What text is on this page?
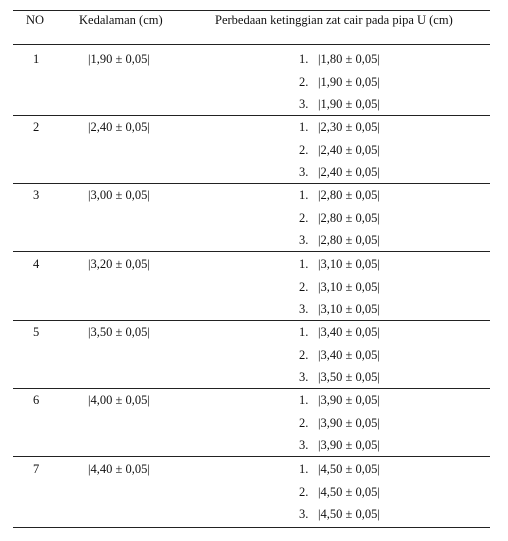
NO	Kedalaman (cm)	Perbedaan ketinggian zat cair pada pipa U (cm)
1	|1,90 ± 0,05|	1. |1,80 ± 0,05|
2. |1,90 ± 0,05|
3. |1,90 ± 0,05|
2	|2,40 ± 0,05|	1. |2,30 ± 0,05|
2. |2,40 ± 0,05|
3. |2,40 ± 0,05|
3	|3,00 ± 0,05|	1. |2,80 ± 0,05|
2. |2,80 ± 0,05|
3. |2,80 ± 0,05|
4	|3,20 ± 0,05|	1. |3,10 ± 0,05|
2. |3,10 ± 0,05|
3. |3,10 ± 0,05|
5	|3,50 ± 0,05|	1. |3,40 ± 0,05|
2. |3,40 ± 0,05|
3. |3,50 ± 0,05|
6	|4,00 ± 0,05|	1. |3,90 ± 0,05|
2. |3,90 ± 0,05|
3. |3,90 ± 0,05|
7	|4,40 ± 0,05|	1. |4,50 ± 0,05|
2. |4,50 ± 0,05|
3. |4,50 ± 0,05|
